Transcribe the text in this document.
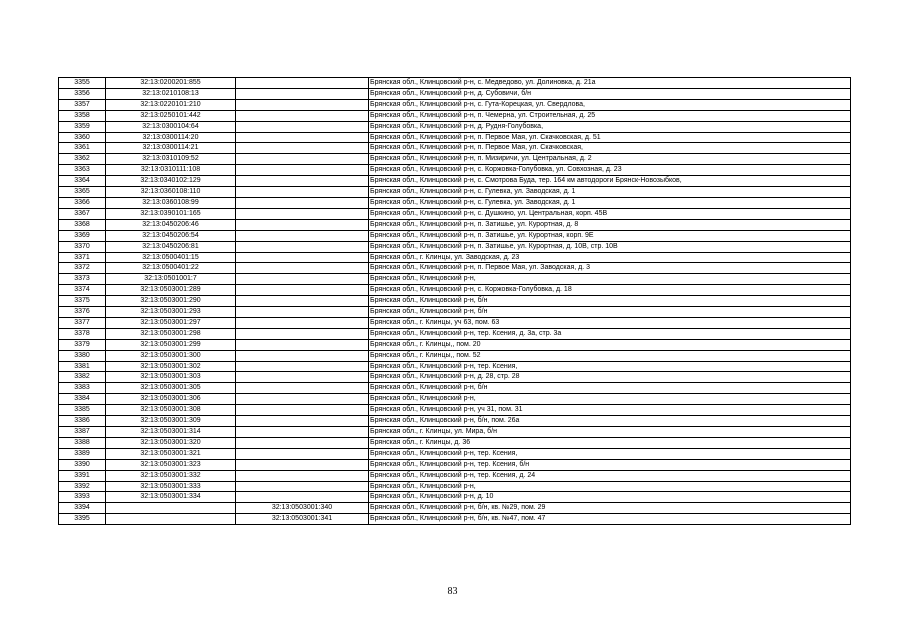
3355	32:13:0200201:855		Брянская обл., Клинцовский р-н, с. Медведово, ул. Долиновка, д. 21а
3356	32:13:0210108:13		Брянская обл., Клинцовский р-н, д. Субовичи, б/н
3357	32:13:0220101:210		Брянская обл., Клинцовский р-н, с. Гута-Корецкая, ул. Свердлова,
3358	32:13:0250101:442		Брянская обл., Клинцовский р-н, п. Чемерна, ул. Строительная, д. 25
3359	32:13:0300104:64		Брянская обл., Клинцовский р-н, д. Рудня-Голубовка,
3360	32:13:0300114:20		Брянская обл., Клинцовский р-н, п. Первое Мая, ул. Скачковская, д. 51
3361	32:13:0300114:21		Брянская обл., Клинцовский р-н, п. Первое Мая, ул. Скачковская,
3362	32:13:0310109:52		Брянская обл., Клинцовский р-н, п. Мизиричи, ул. Центральная, д. 2
3363	32:13:0310111:108		Брянская обл., Клинцовский р-н, с. Коржовка-Голубовка, ул. Совхозная, д. 23
3364	32:13:0340102:129		Брянская обл., Клинцовский р-н, с. Смотрова Буда, тер. 164 км автодороги Брянск-Новозыбков,
3365	32:13:0360108:110		Брянская обл., Клинцовский р-н, с. Гулевка, ул. Заводская, д. 1
3366	32:13:0360108:99		Брянская обл., Клинцовский р-н, с. Гулевка, ул. Заводская, д. 1
3367	32:13:0390101:165		Брянская обл., Клинцовский р-н, с. Душкино, ул. Центральная, корп. 45В
3368	32:13:0450206:46		Брянская обл., Клинцовский р-н, п. Затишье, ул. Курортная, д. 8
3369	32:13:0450206:54		Брянская обл., Клинцовский р-н, п. Затишье, ул. Курортная, корп. 9Е
3370	32:13:0450206:81		Брянская обл., Клинцовский р-н, п. Затишье, ул. Курортная, д. 10В, стр. 10В
3371	32:13:0500401:15		Брянская обл., г. Клинцы, ул. Заводская, д. 23
3372	32:13:0500401:22		Брянская обл., Клинцовский р-н, п. Первое Мая, ул. Заводская, д. 3
3373	32:13:0501001:7		Брянская обл., Клинцовский р-н,
3374	32:13:0503001:289		Брянская обл., Клинцовский р-н, с. Коржовка-Голубовка, д. 18
3375	32:13:0503001:290		Брянская обл., Клинцовский р-н, б/н
3376	32:13:0503001:293		Брянская обл., Клинцовский р-н, б/н
3377	32:13:0503001:297		Брянская обл., г. Клинцы, уч 63, пом. 63
3378	32:13:0503001:298		Брянская обл., Клинцовский р-н, тер. Ксения, д. 3а, стр. 3а
3379	32:13:0503001:299		Брянская обл., г. Клинцы,, пом. 20
3380	32:13:0503001:300		Брянская обл., г. Клинцы,, пом. 52
3381	32:13:0503001:302		Брянская обл., Клинцовский р-н, тер. Ксения,
3382	32:13:0503001:303		Брянская обл., Клинцовский р-н, д. 28, стр. 28
3383	32:13:0503001:305		Брянская обл., Клинцовский р-н, б/н
3384	32:13:0503001:306		Брянская обл., Клинцовский р-н,
3385	32:13:0503001:308		Брянская обл., Клинцовский р-н, уч 31, пом. 31
3386	32:13:0503001:309		Брянская обл., Клинцовский р-н, б/н, пом. 26а
3387	32:13:0503001:314		Брянская обл., г. Клинцы, ул. Мира, б/н
3388	32:13:0503001:320		Брянская обл., г. Клинцы, д. 36
3389	32:13:0503001:321		Брянская обл., Клинцовский р-н, тер. Ксения,
3390	32:13:0503001:323		Брянская обл., Клинцовский р-н, тер. Ксения, б/н
3391	32:13:0503001:332		Брянская обл., Клинцовский р-н, тер. Ксения, д. 24
3392	32:13:0503001:333		Брянская обл., Клинцовский р-н,
3393	32:13:0503001:334		Брянская обл., Клинцовский р-н, д. 10
3394		32:13:0503001:340	Брянская обл., Клинцовский р-н, б/н, кв. №29, пом. 29
3395		32:13:0503001:341	Брянская обл., Клинцовский р-н, б/н, кв. №47, пом. 47
83
